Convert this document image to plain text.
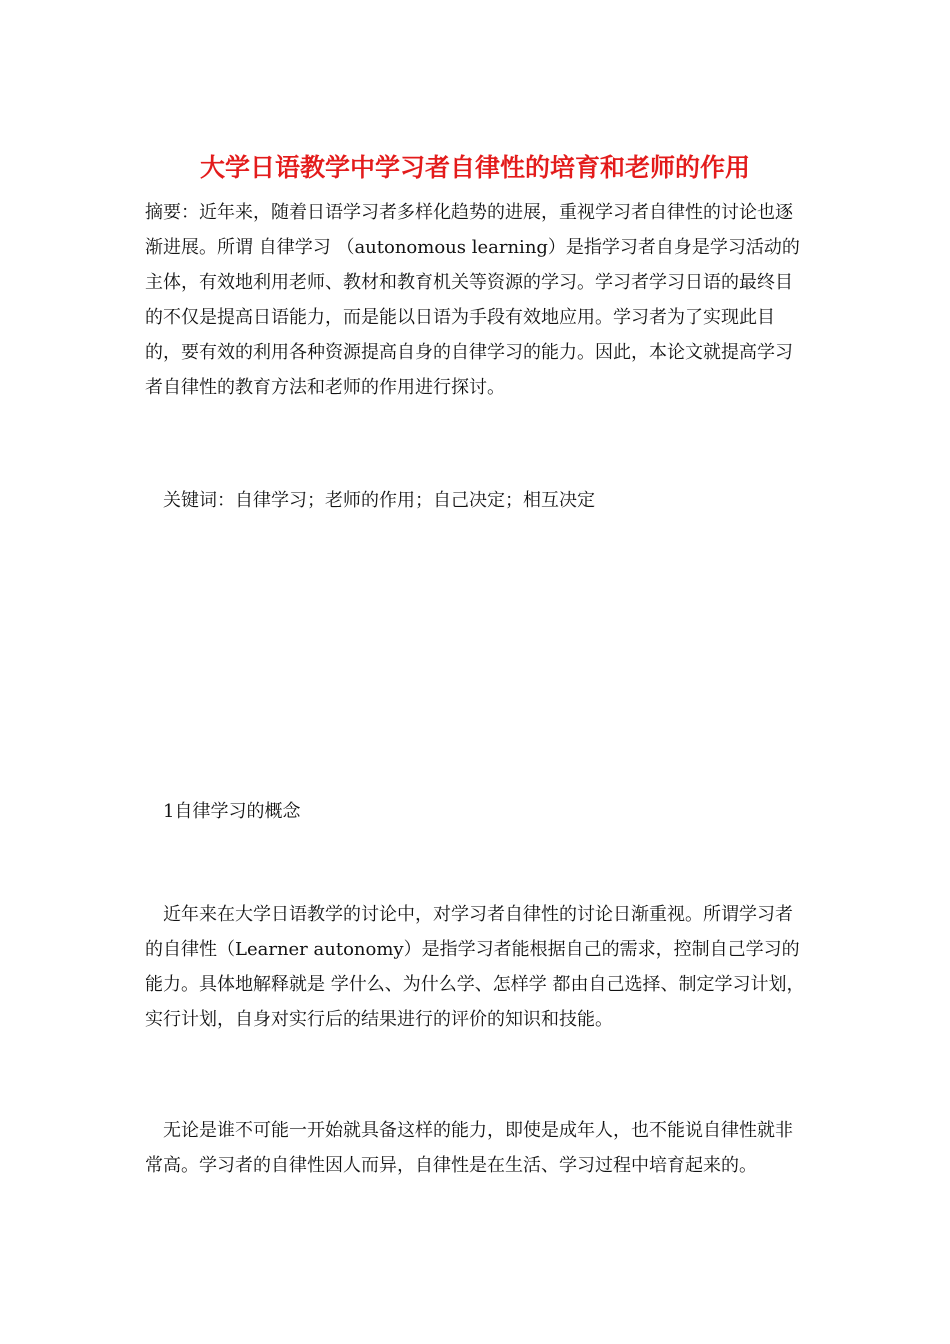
大学日语教学中学习者自律性的培育和老师的作用

摘要：近年来，随着日语学习者多样化趋势的进展，重视学习者自律性的讨论也逐渐进展。所谓 自律学习 （autonomous learning）是指学习者自身是学习活动的主体，有效地利用老师、教材和教育机关等资源的学习。学习者学习日语的最终目的不仅是提高日语能力，而是能以日语为手段有效地应用。学习者为了实现此目的，要有效的利用各种资源提高自身的自律学习的能力。因此，本论文就提高学习者自律性的教育方法和老师的作用进行探讨。

关键词：自律学习；老师的作用；自己决定；相互决定

1自律学习的概念

近年来在大学日语教学的讨论中，对学习者自律性的讨论日渐重视。所谓学习者的自律性（Learner autonomy）是指学习者能根据自己的需求，控制自己学习的能力。具体地解释就是 学什么、为什么学、怎样学 都由自己选择、制定学习计划， 实行计划，自身对实行后的结果进行的评价的知识和技能。

无论是谁不可能一开始就具备这样的能力，即使是成年人，也不能说自律性就非常高。学习者的自律性因人而异，自律性是在生活、学习过程中培育起来的。
